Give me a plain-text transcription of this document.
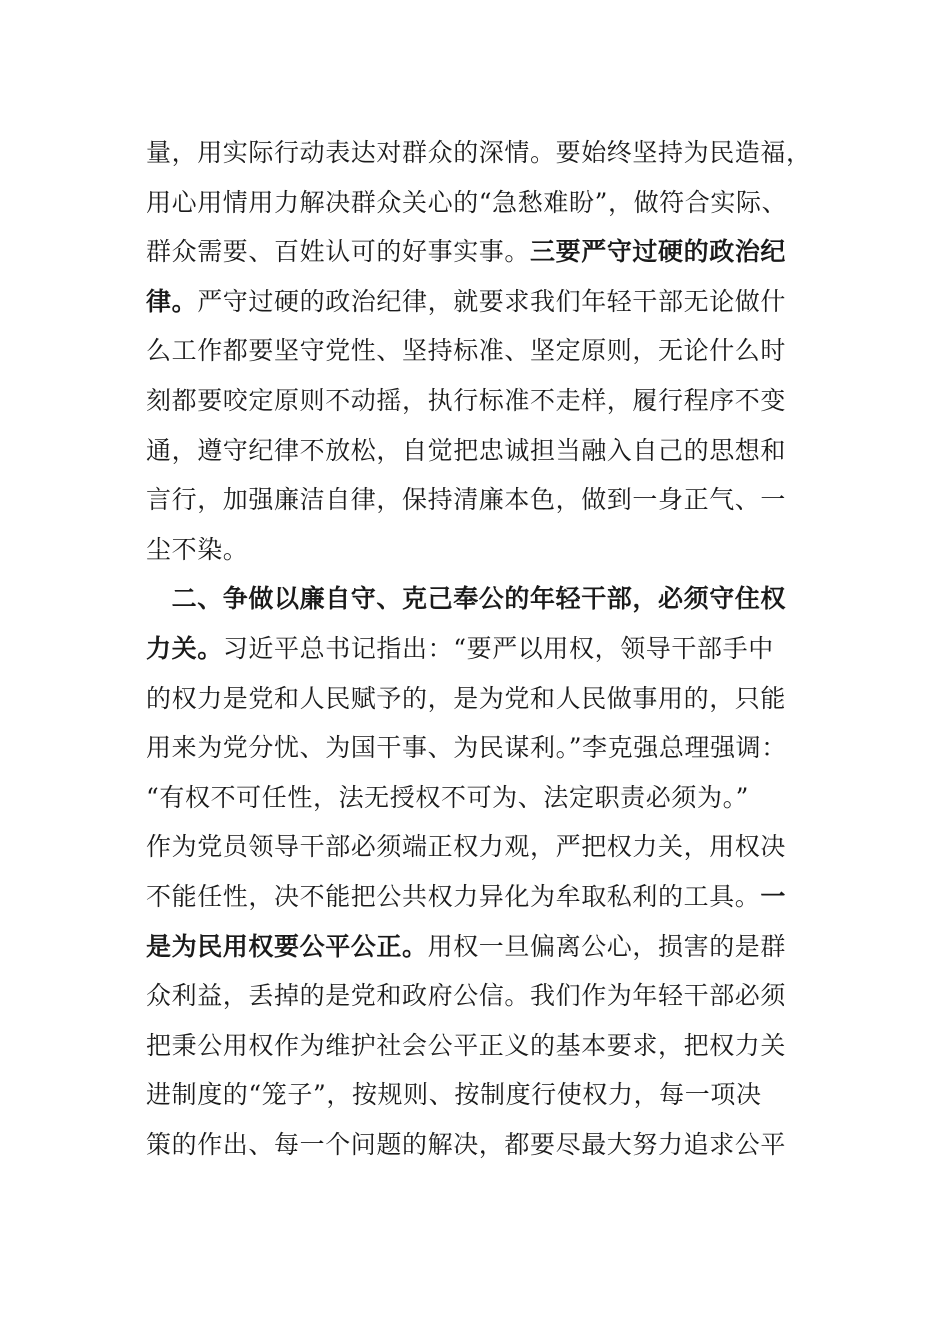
量，用实际行动表达对群众的深情。要始终坚持为民造福，
用心用情用力解决群众关心的“急愁难盼”，做符合实际、
群众需要、百姓认可的好事实事。三要严守过硬的政治纪
律。严守过硬的政治纪律，就要求我们年轻干部无论做什
么工作都要坚守党性、坚持标准、坚定原则，无论什么时
刻都要咬定原则不动摇，执行标准不走样，履行程序不变
通，遵守纪律不放松，自觉把忠诚担当融入自己的思想和
言行，加强廉洁自律，保持清廉本色，做到一身正气、一
尘不染。
　二、争做以廉自守、克己奉公的年轻干部，必须守住权
力关。习近平总书记指出：“要严以用权，领导干部手中
的权力是党和人民赋予的，是为党和人民做事用的，只能
用来为党分忧、为国干事、为民谋利。”李克强总理强调：
“有权不可任性，法无授权不可为、法定职责必须为。”
作为党员领导干部必须端正权力观，严把权力关，用权决
不能任性，决不能把公共权力异化为牟取私利的工具。一
是为民用权要公平公正。用权一旦偏离公心，损害的是群
众利益，丢掉的是党和政府公信。我们作为年轻干部必须
把秉公用权作为维护社会公平正义的基本要求，把权力关
进制度的“笼子”，按规则、按制度行使权力，每一项决
策的作出、每一个问题的解决，都要尽最大努力追求公平
